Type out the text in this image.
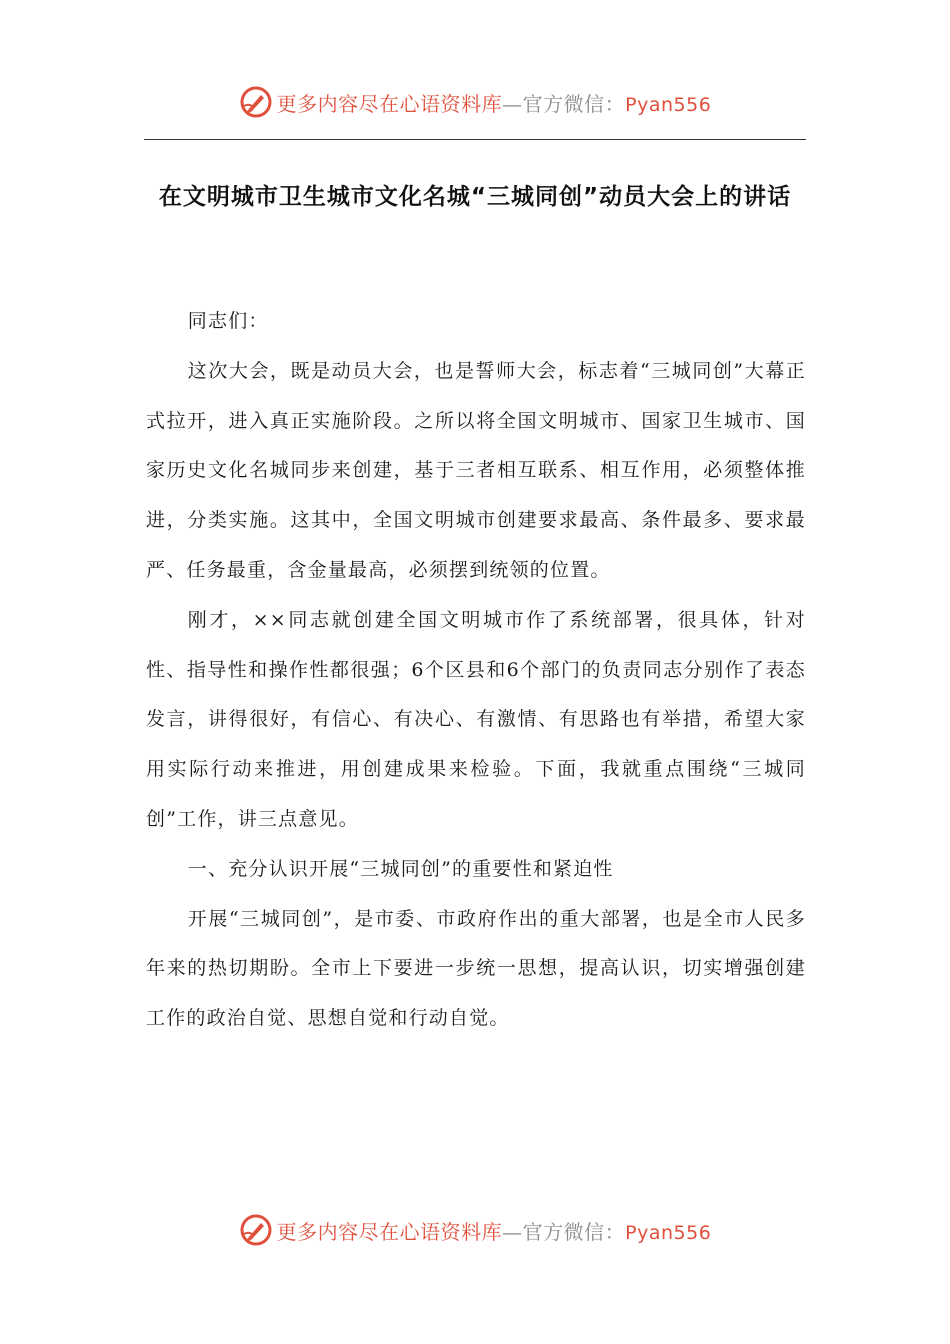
更多内容尽在心语资料库—官方微信：Pyan556
在文明城市卫生城市文化名城“三城同创”动员大会上的讲话

同志们：

这次大会，既是动员大会，也是誓师大会，标志着“三城同创”大幕正式拉开，进入真正实施阶段。之所以将全国文明城市、国家卫生城市、国家历史文化名城同步来创建，基于三者相互联系、相互作用，必须整体推进，分类实施。这其中，全国文明城市创建要求最高、条件最多、要求最严、任务最重，含金量最高，必须摆到统领的位置。

刚才，××同志就创建全国文明城市作了系统部署，很具体，针对性、指导性和操作性都很强；6个区县和6个部门的负责同志分别作了表态发言，讲得很好，有信心、有决心、有激情、有思路也有举措，希望大家用实际行动来推进，用创建成果来检验。下面，我就重点围绕“三城同创”工作，讲三点意见。

一、充分认识开展“三城同创”的重要性和紧迫性

开展“三城同创”，是市委、市政府作出的重大部署，也是全市人民多年来的热切期盼。全市上下要进一步统一思想，提高认识，切实增强创建工作的政治自觉、思想自觉和行动自觉。

更多内容尽在心语资料库—官方微信：Pyan556
